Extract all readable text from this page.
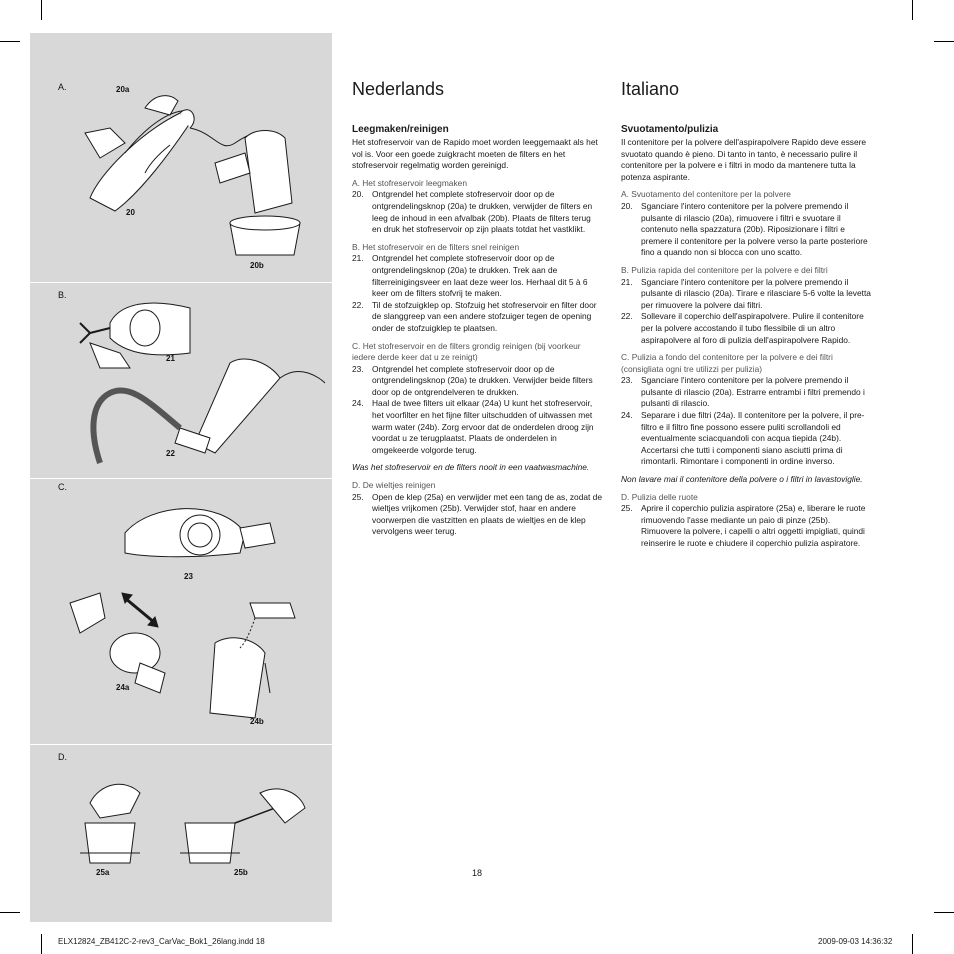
A.	20a
20
20b
B.
21
22
C.
23
24a
24b
D.
25a	25b
Nederlands
Leegmaken/reinigen

Het stofreservoir van de Rapido moet worden leeggemaakt als het vol is. Voor een goede zuigkracht moeten de filters en het stofreservoir regelmatig worden gereinigd.

A. Het stofreservoir leegmaken
20. Ontgrendel het complete stofreservoir door op de ontgrendelingsknop (20a) te drukken, verwijder de filters en leeg de inhoud in een afvalbak (20b). Plaats de filters terug en druk het stofreservoir op zijn plaats totdat het vastklikt.
B. Het stofreservoir en de filters snel reinigen
21. Ontgrendel het complete stofreservoir door op de ontgrendelingsknop (20a) te drukken. Trek aan de filterreinigingsveer en laat deze weer los. Herhaal dit 5 à 6 keer om de filters stofvrij te maken.
22. Til de stofzuigklep op. Stofzuig het stofreservoir en filter door de slanggreep van een andere stofzuiger tegen de opening onder de stofzuigklep te plaatsen.
C. Het stofreservoir en de filters grondig reinigen (bij voorkeur iedere derde keer dat u ze reinigt)
23. Ontgrendel het complete stofreservoir door op de ontgrendelingsknop (20a) te drukken. Verwijder beide filters door op de ontgrendelveren te drukken.
24. Haal de twee filters uit elkaar (24a) U kunt het stofreservoir, het voorfilter en het fijne filter uitschudden of uitwassen met warm water (24b). Zorg ervoor dat de onderdelen droog zijn voordat u ze terugplaatst. Plaats de onderdelen in omgekeerde volgorde terug.
Was het stofreservoir en de filters nooit in een vaatwasmachine.
D. De wieltjes reinigen
25. Open de klep (25a) en verwijder met een tang de as, zodat de wieltjes vrijkomen (25b). Verwijder stof, haar en andere voorwerpen die vastzitten en plaats de wieltjes en de klep vervolgens weer terug.
Italiano
Svuotamento/pulizia

Il contenitore per la polvere dell'aspirapolvere Rapido deve essere svuotato quando è pieno. Di tanto in tanto, è necessario pulire il contenitore per la polvere e i filtri in modo da mantenere tutta la potenza aspirante.

A. Svuotamento del contenitore per la polvere
20. Sganciare l'intero contenitore per la polvere premendo il pulsante di rilascio (20a), rimuovere i filtri e svuotare il contenuto nella spazzatura (20b). Riposizionare i filtri e premere il contenitore per la polvere verso la parte posteriore fino a quando non si blocca con uno scatto.
B. Pulizia rapida del contenitore per la polvere e dei filtri
21. Sganciare l'intero contenitore per la polvere premendo il pulsante di rilascio (20a). Tirare e rilasciare 5-6 volte la levetta per rimuovere la polvere dai filtri.
22. Sollevare il coperchio dell'aspirapolvere. Pulire il contenitore per la polvere accostando il tubo flessibile di un altro aspirapolvere al foro di pulizia dell'aspirapolvere Rapido.
C. Pulizia a fondo del contenitore per la polvere e dei filtri (consigliata ogni tre utilizzi per pulizia)
23. Sganciare l'intero contenitore per la polvere premendo il pulsante di rilascio (20a). Estrarre entrambi i filtri premendo i pulsanti di rilascio.
24. Separare i due filtri (24a). Il contenitore per la polvere, il pre-filtro e il filtro fine possono essere puliti scrollandoli ed eventualmente sciacquandoli con acqua tiepida (24b). Accertarsi che tutti i componenti siano asciutti prima di rimontarli. Rimontare i componenti in ordine inverso.
Non lavare mai il contenitore della polvere o i filtri in lavastoviglie.
D. Pulizia delle ruote
25. Aprire il coperchio pulizia aspiratore (25a) e, liberare le ruote rimuovendo l'asse mediante un paio di pinze (25b). Rimuovere la polvere, i capelli o altri oggetti impigliati, quindi reinserire le ruote e chiudere il coperchio pulizia aspiratore.
18
ELX12824_ZB412C-2-rev3_CarVac_Bok1_26lang.indd 18	2009-09-03 14:36:32
